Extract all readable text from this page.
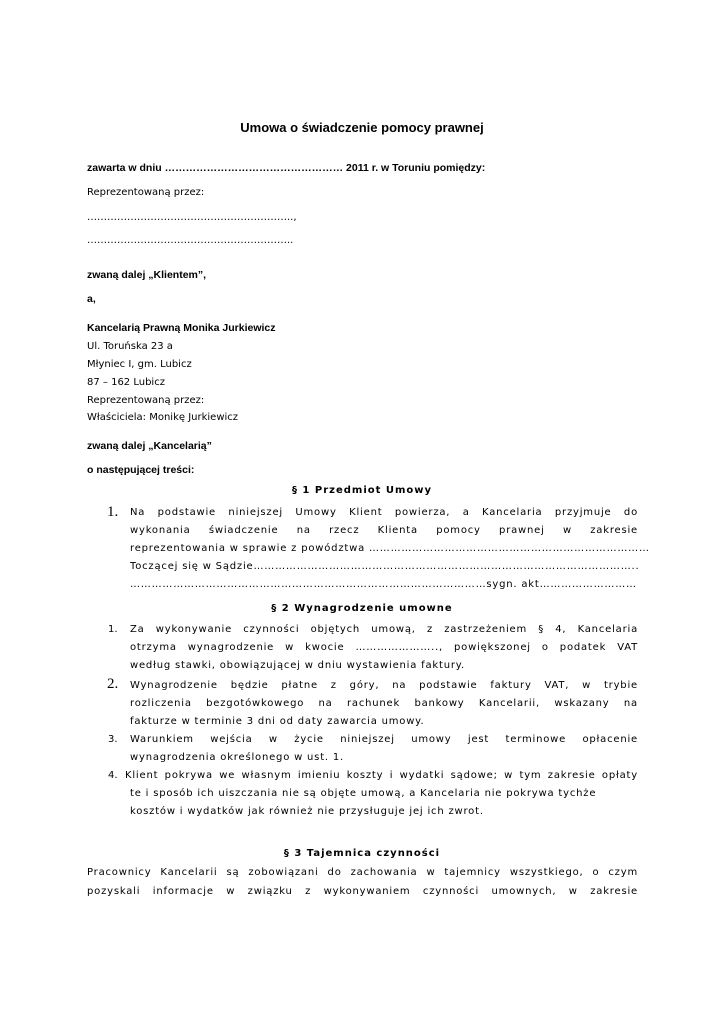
Umowa o świadczenie pomocy prawnej
zawarta w dniu …………………………………………… 2011 r. w Toruniu pomiędzy:
Reprezentowaną przez:
……………………………………………………..,
……………………………………………………..
zwaną dalej „Klientem”,
a,
Kancelarią Prawną Monika Jurkiewicz
Ul. Toruńska 23 a
Młyniec I, gm. Lubicz
87 – 162 Lubicz
Reprezentowaną przez:
Właściciela: Monikę Jurkiewicz
zwaną dalej „Kancelarią”
o następującej treści:
§ 1 Przedmiot Umowy
1. Na podstawie niniejszej Umowy Klient powierza, a Kancelaria przyjmuje do
wykonania świadczenie na rzecz Klienta pomocy prawnej w zakresie
reprezentowania w sprawie z powództwa ……………………………………………………………………
Toczącej się w Sądzie……………………………………………………………………………………………..
………………………………………………………………………………………sygn. akt………………………
§ 2 Wynagrodzenie umowne
1. Za wykonywanie czynności objętych umową, z zastrzeżeniem § 4, Kancelaria
otrzyma wynagrodzenie w kwocie ………………….., powiększonej o podatek VAT
według stawki, obowiązującej w dniu wystawienia faktury.
2. Wynagrodzenie będzie płatne z góry, na podstawie faktury VAT, w trybie
rozliczenia bezgotówkowego na rachunek bankowy Kancelarii, wskazany na
fakturze w terminie 3 dni od daty zawarcia umowy.
3. Warunkiem wejścia w życie niniejszej umowy jest terminowe opłacenie
wynagrodzenia określonego w ust. 1.
4. Klient pokrywa we własnym imieniu koszty i wydatki sądowe; w tym zakresie opłaty
te i sposób ich uiszczania nie są objęte umową, a Kancelaria nie pokrywa tychże
kosztów i wydatków jak również nie przysługuje jej ich zwrot.
§ 3 Tajemnica czynności
Pracownicy Kancelarii są zobowiązani do zachowania w tajemnicy wszystkiego, o czym
pozyskali informacje w związku z wykonywaniem czynności umownych, w zakresie
